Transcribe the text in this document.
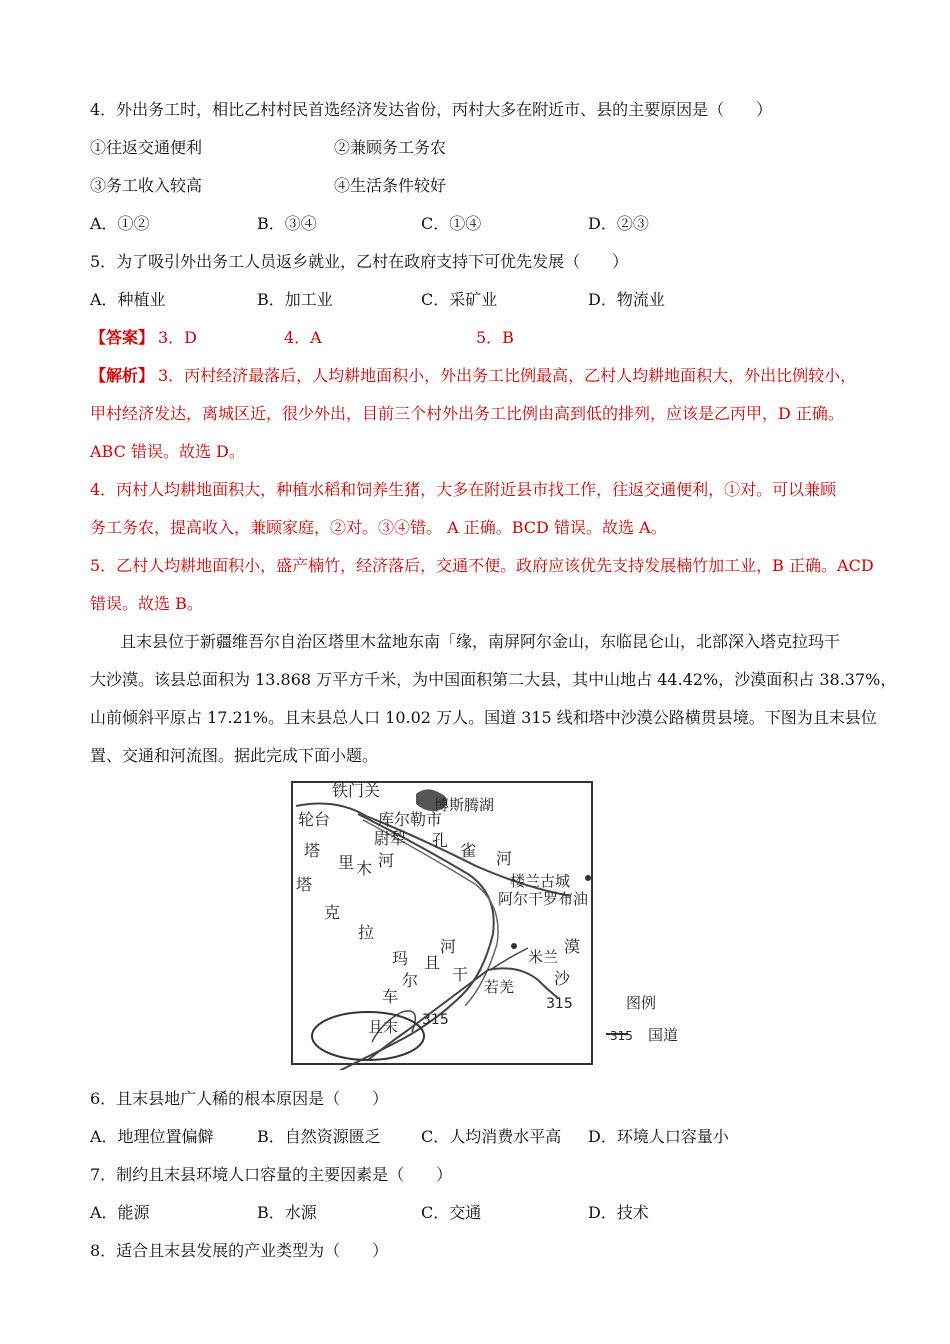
4．外出务工时，相比乙村村民首选经济发达省份，丙村大多在附近市、县的主要原因是（　　）
①往返交通便利	②兼顾务工务农
③务工收入较高	④生活条件较好
A．①②	B．③④	C．①④	D．②③
5．为了吸引外出务工人员返乡就业，乙村在政府支持下可优先发展（　　）
A．种植业	B．加工业	C．采矿业	D．物流业
【答案】 3．D	4．A	5．B
【解析】 3．丙村经济最落后，人均耕地面积小，外出务工比例最高，乙村人均耕地面积大，外出比例较小，
甲村经济发达，离城区近，很少外出，目前三个村外出务工比例由高到低的排列，应该是乙丙甲，D 正确。
ABC 错误。故选 D。
4．丙村人均耕地面积大，种植水稻和饲养生猪，大多在附近县市找工作，往返交通便利，①对。可以兼顾
务工务农，提高收入，兼顾家庭，②对。③④错。 A 正确。BCD 错误。故选 A。
5．乙村人均耕地面积小，盛产楠竹，经济落后，交通不便。政府应该优先支持发展楠竹加工业，B 正确。ACD
错误。故选 B。
且末县位于新疆维吾尔自治区塔里木盆地东南「缘，南屏阿尔金山，东临昆仑山，北部深入塔克拉玛干
大沙漠。该县总面积为 13.868 万平方千米，为中国面积第二大县，其中山地占 44.42%，沙漠面积占 38.37%，
山前倾斜平原占 17.21%。且末县总人口 10.02 万人。国道 315 线和塔中沙漠公路横贯县境。下图为且末县位
置、交通和河流图。据此完成下面小题。
铁门关
博斯腾湖
轮台	库尔勒市
尉犁 孔
雀 河
塔
里 木 河
楼兰古城
塔
阿尔干罗布油
克
拉
玛
河
且
漠
米兰
干	沙
尔	若羌
车	315
315
且末
图例
315 国道
6．且末县地广人稀的根本原因是（　　）
A．地理位置偏僻	B．自然资源匮乏	C．人均消费水平高 D．环境人口容量小
7．制约且末县环境人口容量的主要因素是（　　）
A．能源	B．水源	C．交通	D．技术
8．适合且末县发展的产业类型为（　　）
